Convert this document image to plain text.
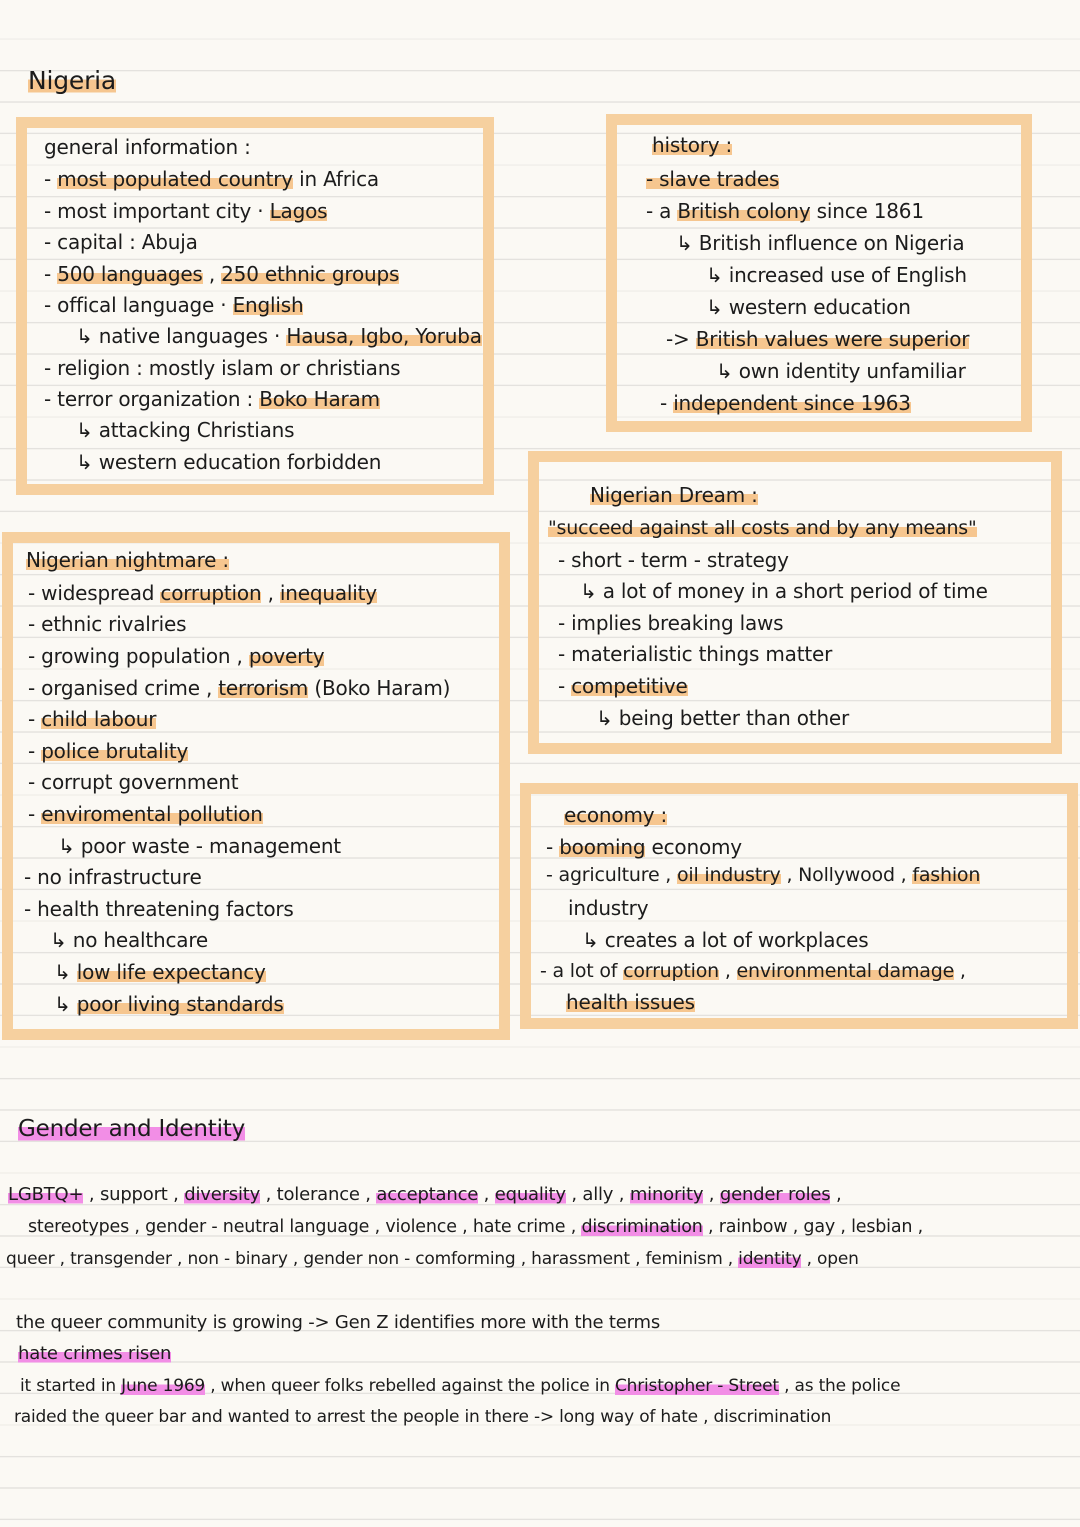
Nigeria
general information :
- most populated country in Africa
- most important city · Lagos
- capital : Abuja
- 500 languages , 250 ethnic groups
- offical language · English
↳ native languages · Hausa, Igbo, Yoruba
- religion : mostly islam or christians
- terror organization : Boko Haram
↳ attacking Christians
↳ western education forbidden
history :
- slave trades
- a British colony since 1861
↳ British influence on Nigeria
↳ increased use of English
↳ western education
-> British values were superior
↳ own identity unfamiliar
- independent since 1963
Nigerian Dream :
"succeed against all costs and by any means"
- short - term - strategy
↳ a lot of money in a short period of time
- implies breaking laws
- materialistic things matter
- competitive
↳ being better than other
Nigerian nightmare :
- widespread corruption , inequality
- ethnic rivalries
- growing population , poverty
- organised crime , terrorism (Boko Haram)
- child labour
- police brutality
- corrupt government
- enviromental pollution
↳ poor waste - management
- no infrastructure
- health threatening factors
↳ no healthcare
↳ low life expectancy
↳ poor living standards
economy :
- booming economy
- agriculture , oil industry , Nollywood , fashion
industry
↳ creates a lot of workplaces
- a lot of corruption , environmental damage ,
health issues
Gender and Identity
LGBTQ+ , support , diversity , tolerance , acceptance , equality , ally , minority , gender roles ,
stereotypes , gender - neutral language , violence , hate crime , discrimination , rainbow , gay , lesbian ,
queer , transgender , non - binary , gender non - comforming , harassment , feminism , identity , open
the queer community is growing -> Gen Z identifies more with the terms
hate crimes risen
it started in June 1969 , when queer folks rebelled against the police in Christopher - Street , as the police
raided the queer bar and wanted to arrest the people in there -> long way of hate , discrimination
